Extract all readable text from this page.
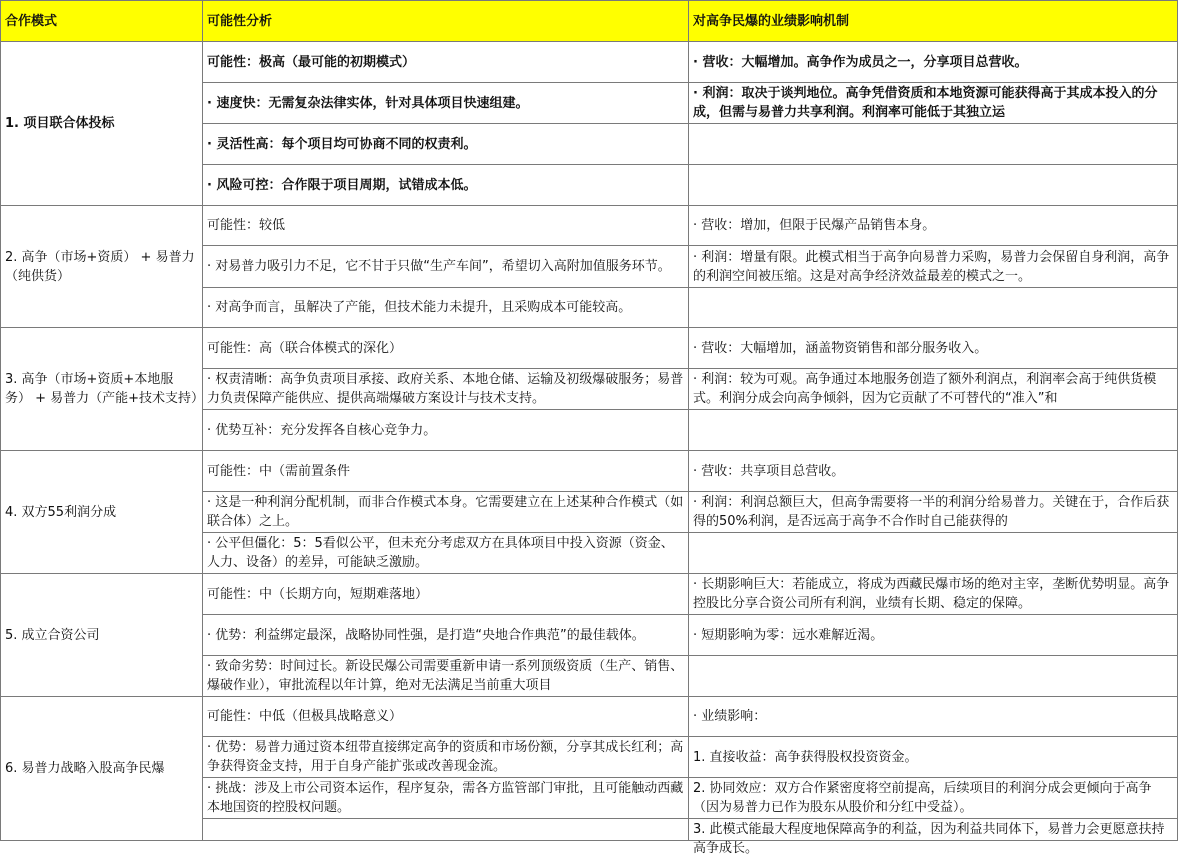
合作模式	可能性分析	对高争民爆的业绩影响机制
1. 项目联合体投标	可能性：极高（最可能的初期模式）	· 营收：大幅增加。高争作为成员之一，分享项目总营收。

	· 速度快：无需复杂法律实体，针对具体项目快速组建。	· 利润：取决于谈判地位。高争凭借资质和本地资源可能获得高于其成本投入的分成，但需与易普力共享利润。利润率可能低于其独立运

	· 灵活性高：每个项目均可协商不同的权责利。	

	· 风险可控：合作限于项目周期，试错成本低。	

2. 高争（市场+资质） + 易普力（纯供货）	可能性：较低	· 营收：增加，但限于民爆产品销售本身。

	· 对易普力吸引力不足，它不甘于只做“生产车间”，希望切入高附加值服务环节。	· 利润：增量有限。此模式相当于高争向易普力采购，易普力会保留自身利润，高争的利润空间被压缩。这是对高争经济效益最差的模式之一。

	· 对高争而言，虽解决了产能，但技术能力未提升，且采购成本可能较高。	

3. 高争（市场+资质+本地服务） + 易普力（产能+技术支持）	可能性：高（联合体模式的深化）	· 营收：大幅增加，涵盖物资销售和部分服务收入。

	· 权责清晰：高争负责项目承接、政府关系、本地仓储、运输及初级爆破服务；易普力负责保障产能供应、提供高端爆破方案设计与技术支持。	· 利润：较为可观。高争通过本地服务创造了额外利润点，利润率会高于纯供货模式。利润分成会向高争倾斜，因为它贡献了不可替代的“准入”和

	· 优势互补：充分发挥各自核心竞争力。	

4. 双方55利润分成	可能性：中（需前置条件	· 营收：共享项目总营收。

	· 这是一种利润分配机制，而非合作模式本身。它需要建立在上述某种合作模式（如联合体）之上。	· 利润：利润总额巨大，但高争需要将一半的利润分给易普力。关键在于，合作后获得的50%利润，是否远高于高争不合作时自己能获得的

	· 公平但僵化：5：5看似公平，但未充分考虑双方在具体项目中投入资源（资金、人力、设备）的差异，可能缺乏激励。	

5. 成立合资公司	可能性：中（长期方向，短期难落地）	· 长期影响巨大：若能成立，将成为西藏民爆市场的绝对主宰，垄断优势明显。高争控股比分享合资公司所有利润，业绩有长期、稳定的保障。

	· 优势：利益绑定最深，战略协同性强，是打造“央地合作典范”的最佳载体。	· 短期影响为零：远水难解近渴。

	· 致命劣势：时间过长。新设民爆公司需要重新申请一系列顶级资质（生产、销售、爆破作业），审批流程以年计算，绝对无法满足当前重大项目	

6. 易普力战略入股高争民爆	可能性：中低（但极具战略意义）	· 业绩影响：

	· 优势：易普力通过资本纽带直接绑定高争的资质和市场份额，分享其成长红利；高争获得资金支持，用于自身产能扩张或改善现金流。	1. 直接收益：高争获得股权投资资金。

	· 挑战：涉及上市公司资本运作，程序复杂，需各方监管部门审批，且可能触动西藏本地国资的控股权问题。	2. 协同效应：双方合作紧密度将空前提高，后续项目的利润分成会更倾向于高争（因为易普力已作为股东从股价和分红中受益）。

		3. 此模式能最大程度地保障高争的利益，因为利益共同体下，易普力会更愿意扶持高争成长。
